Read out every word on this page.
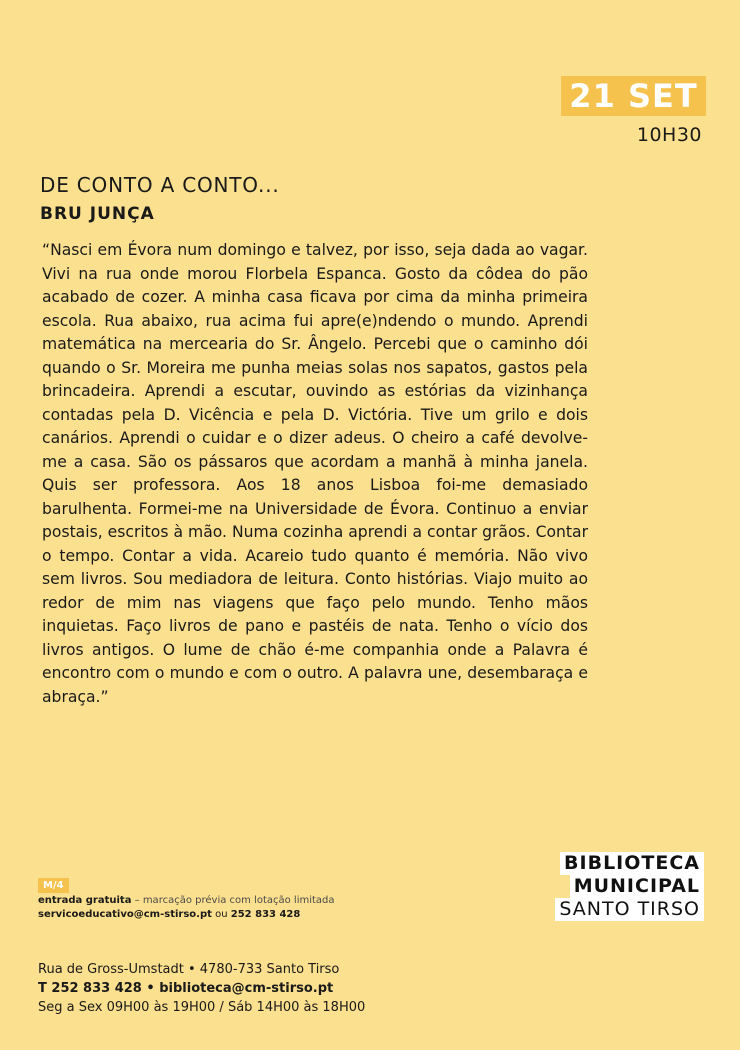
21 SET
10H30
DE CONTO A CONTO...
BRU JUNÇA
“Nasci em Évora num domingo e talvez, por isso, seja dada ao vagar. Vivi na rua onde morou Florbela Espanca. Gosto da côdea do pão acabado de cozer. A minha casa ficava por cima da minha primeira escola. Rua abaixo, rua acima fui apre(e)ndendo o mundo. Aprendi matemática na mercearia do Sr. Ângelo. Percebi que o caminho dói quando o Sr. Moreira me punha meias solas nos sapatos, gastos pela brincadeira. Aprendi a escutar, ouvindo as estórias da vizinhança contadas pela D. Vicência e pela D. Victória. Tive um grilo e dois canários. Aprendi o cuidar e o dizer adeus. O cheiro a café devolve-me a casa. São os pássaros que acordam a manhã à minha janela. Quis ser professora. Aos 18 anos Lisboa foi-me demasiado barulhenta. Formei-me na Universidade de Évora. Continuo a enviar postais, escritos à mão. Numa cozinha aprendi a contar grãos. Contar o tempo. Contar a vida. Acareio tudo quanto é memória. Não vivo sem livros. Sou mediadora de leitura. Conto histórias. Viajo muito ao redor de mim nas viagens que faço pelo mundo. Tenho mãos inquietas. Faço livros de pano e pastéis de nata. Tenho o vício dos livros antigos. O lume de chão é-me companhia onde a Palavra é encontro com o mundo e com o outro. A palavra une, desembaraça e abraça.”
M/4
entrada gratuita – marcação prévia com lotação limitada
servicoeducativo@cm-stirso.pt ou 252 833 428
BIBLIOTECA
MUNICIPAL
SANTO TIRSO
Rua de Gross-Umstadt • 4780-733 Santo Tirso
T 252 833 428 • biblioteca@cm-stirso.pt
Seg a Sex 09H00 às 19H00 / Sáb 14H00 às 18H00
